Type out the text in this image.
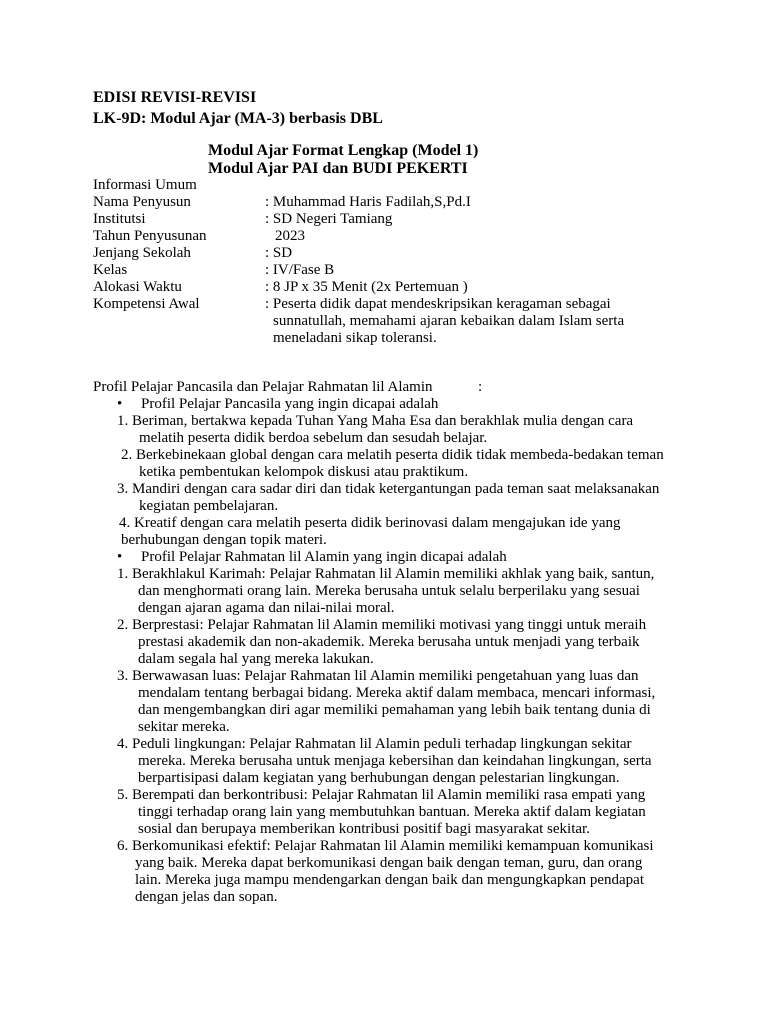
EDISI REVISI-REVISI
LK-9D: Modul Ajar (MA-3) berbasis DBL
Modul Ajar Format Lengkap (Model 1)
Modul Ajar PAI dan BUDI PEKERTI
Informasi Umum
Nama Penyusun	: Muhammad Haris Fadilah,S,Pd.I
Institutsi	: SD Negeri Tamiang
Tahun Penyusunan	2023
Jenjang Sekolah	: SD
Kelas	: IV/Fase B
Alokasi Waktu	: 8 JP x 35 Menit (2x Pertemuan )
Kompetensi Awal	: Peserta didik dapat mendeskripsikan keragaman sebagai
sunnatullah, memahami ajaran kebaikan dalam Islam serta
meneladani sikap toleransi.
Profil Pelajar Pancasila dan Pelajar Rahmatan lil Alamin	:
• Profil Pelajar Pancasila yang ingin dicapai adalah
1. Beriman, bertakwa kepada Tuhan Yang Maha Esa dan berakhlak mulia dengan cara
melatih peserta didik berdoa sebelum dan sesudah belajar.
2. Berkebinekaan global dengan cara melatih peserta didik tidak membeda-bedakan teman
ketika pembentukan kelompok diskusi atau praktikum.
3. Mandiri dengan cara sadar diri dan tidak ketergantungan pada teman saat melaksanakan
kegiatan pembelajaran.
4. Kreatif dengan cara melatih peserta didik berinovasi dalam mengajukan ide yang
berhubungan dengan topik materi.
• Profil Pelajar Rahmatan lil Alamin yang ingin dicapai adalah
1. Berakhlakul Karimah: Pelajar Rahmatan lil Alamin memiliki akhlak yang baik, santun,
dan menghormati orang lain. Mereka berusaha untuk selalu berperilaku yang sesuai
dengan ajaran agama dan nilai-nilai moral.
2. Berprestasi: Pelajar Rahmatan lil Alamin memiliki motivasi yang tinggi untuk meraih
prestasi akademik dan non-akademik. Mereka berusaha untuk menjadi yang terbaik
dalam segala hal yang mereka lakukan.
3. Berwawasan luas: Pelajar Rahmatan lil Alamin memiliki pengetahuan yang luas dan
mendalam tentang berbagai bidang. Mereka aktif dalam membaca, mencari informasi,
dan mengembangkan diri agar memiliki pemahaman yang lebih baik tentang dunia di
sekitar mereka.
4. Peduli lingkungan: Pelajar Rahmatan lil Alamin peduli terhadap lingkungan sekitar
mereka. Mereka berusaha untuk menjaga kebersihan dan keindahan lingkungan, serta
berpartisipasi dalam kegiatan yang berhubungan dengan pelestarian lingkungan.
5. Berempati dan berkontribusi: Pelajar Rahmatan lil Alamin memiliki rasa empati yang
tinggi terhadap orang lain yang membutuhkan bantuan. Mereka aktif dalam kegiatan
sosial dan berupaya memberikan kontribusi positif bagi masyarakat sekitar.
6. Berkomunikasi efektif: Pelajar Rahmatan lil Alamin memiliki kemampuan komunikasi
yang baik. Mereka dapat berkomunikasi dengan baik dengan teman, guru, dan orang
lain. Mereka juga mampu mendengarkan dengan baik dan mengungkapkan pendapat
dengan jelas dan sopan.
